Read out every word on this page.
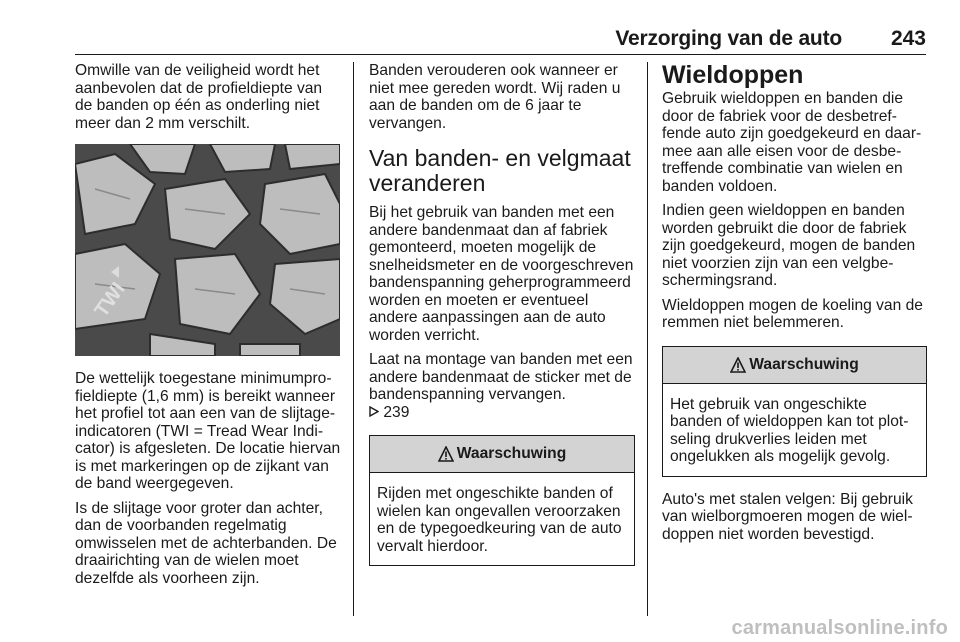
Verzorging van de auto 243

Omwille van de veiligheid wordt het aanbevolen dat de profieldiepte van de banden op één as onderling niet meer dan 2 mm verschilt.

TWI

De wettelijk toegestane minimumprofieldiepte (1,6 mm) is bereikt wanneer het profiel tot aan een van de slijtageindicatoren (TWI = Tread Wear Indicator) is afgesleten. De locatie hiervan is met markeringen op de zijkant van de band weergegeven.

Is de slijtage voor groter dan achter, dan de voorbanden regelmatig omwisselen met de achterbanden. De draairichting van de wielen moet dezelfde als voorheen zijn.

Banden verouderen ook wanneer er niet mee gereden wordt. Wij raden u aan de banden om de 6 jaar te vervangen.

Van banden- en velgmaat veranderen

Bij het gebruik van banden met een andere bandenmaat dan af fabriek gemonteerd, moeten mogelijk de snelheidsmeter en de voorgeschreven bandenspanning geherprogrammeerd worden en moeten er eventueel andere aanpassingen aan de auto worden verricht.

Laat na montage van banden met een andere bandenmaat de sticker met de bandenspanning vervangen.
239

Waarschuwing
Rijden met ongeschikte banden of wielen kan ongevallen veroorzaken en de typegoedkeuring van de auto vervalt hierdoor.
Wieldoppen

Gebruik wieldoppen en banden die door de fabriek voor de desbetreffende auto zijn goedgekeurd en daarmee aan alle eisen voor de desbetreffende combinatie van wielen en banden voldoen.

Indien geen wieldoppen en banden worden gebruikt die door de fabriek zijn goedgekeurd, mogen de banden niet voorzien zijn van een velgbeschermingsrand.

Wieldoppen mogen de koeling van de remmen niet belemmeren.

Waarschuwing
Het gebruik van ongeschikte banden of wieldoppen kan tot plotseling drukverlies leiden met ongelukken als mogelijk gevolg.

Auto's met stalen velgen: Bij gebruik van wielborgmoeren mogen de wieldoppen niet worden bevestigd.

carmanualsonline.info
